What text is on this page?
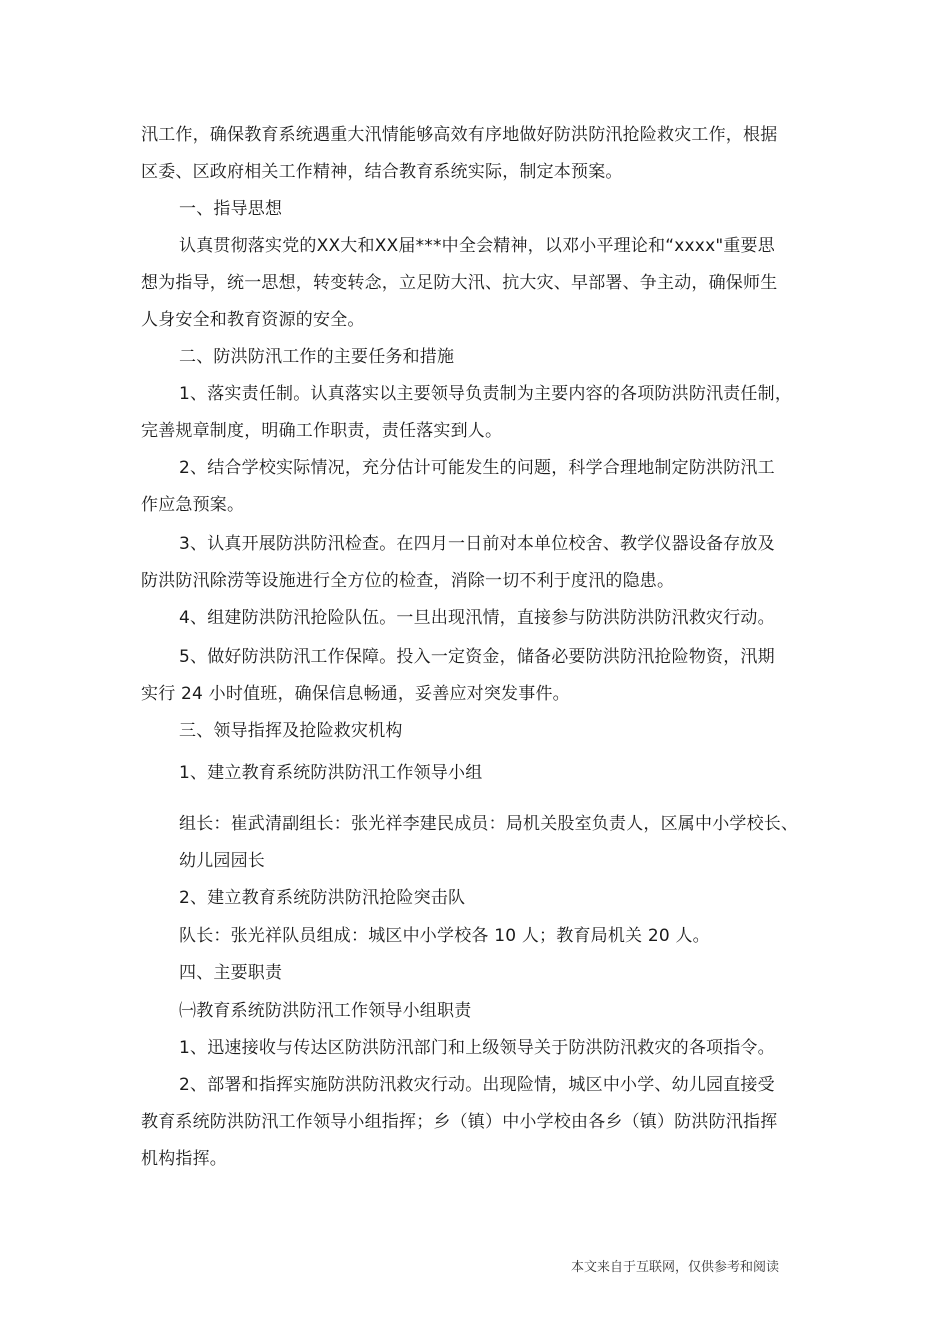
汛工作，确保教育系统遇重大汛情能够高效有序地做好防洪防汛抢险救灾工作，根据
区委、区政府相关工作精神，结合教育系统实际，制定本预案。
一、指导思想
认真贯彻落实党的XX大和XX届***中全会精神，以邓小平理论和“xxxx"重要思
想为指导，统一思想，转变转念，立足防大汛、抗大灾、早部署、争主动，确保师生
人身安全和教育资源的安全。
二、防洪防汛工作的主要任务和措施
1、落实责任制。认真落实以主要领导负责制为主要内容的各项防洪防汛责任制，
完善规章制度，明确工作职责，责任落实到人。
2、结合学校实际情况，充分估计可能发生的问题，科学合理地制定防洪防汛工
作应急预案。
3、认真开展防洪防汛检查。在四月一日前对本单位校舍、教学仪器设备存放及
防洪防汛除涝等设施进行全方位的检查，消除一切不利于度汛的隐患。
4、组建防洪防汛抢险队伍。一旦出现汛情，直接参与防洪防洪防汛救灾行动。
5、做好防洪防汛工作保障。投入一定资金，储备必要防洪防汛抢险物资，汛期
实行 24 小时值班，确保信息畅通，妥善应对突发事件。
三、领导指挥及抢险救灾机构
1、建立教育系统防洪防汛工作领导小组
组长：崔武清副组长：张光祥李建民成员：局机关股室负责人，区属中小学校长、
幼儿园园长
2、建立教育系统防洪防汛抢险突击队
队长：张光祥队员组成：城区中小学校各 10 人；教育局机关 20 人。
四、主要职责
㈠教育系统防洪防汛工作领导小组职责
1、迅速接收与传达区防洪防汛部门和上级领导关于防洪防汛救灾的各项指令。
2、部署和指挥实施防洪防汛救灾行动。出现险情，城区中小学、幼儿园直接受
教育系统防洪防汛工作领导小组指挥；乡（镇）中小学校由各乡（镇）防洪防汛指挥
机构指挥。
本文来自于互联网，仅供参考和阅读
